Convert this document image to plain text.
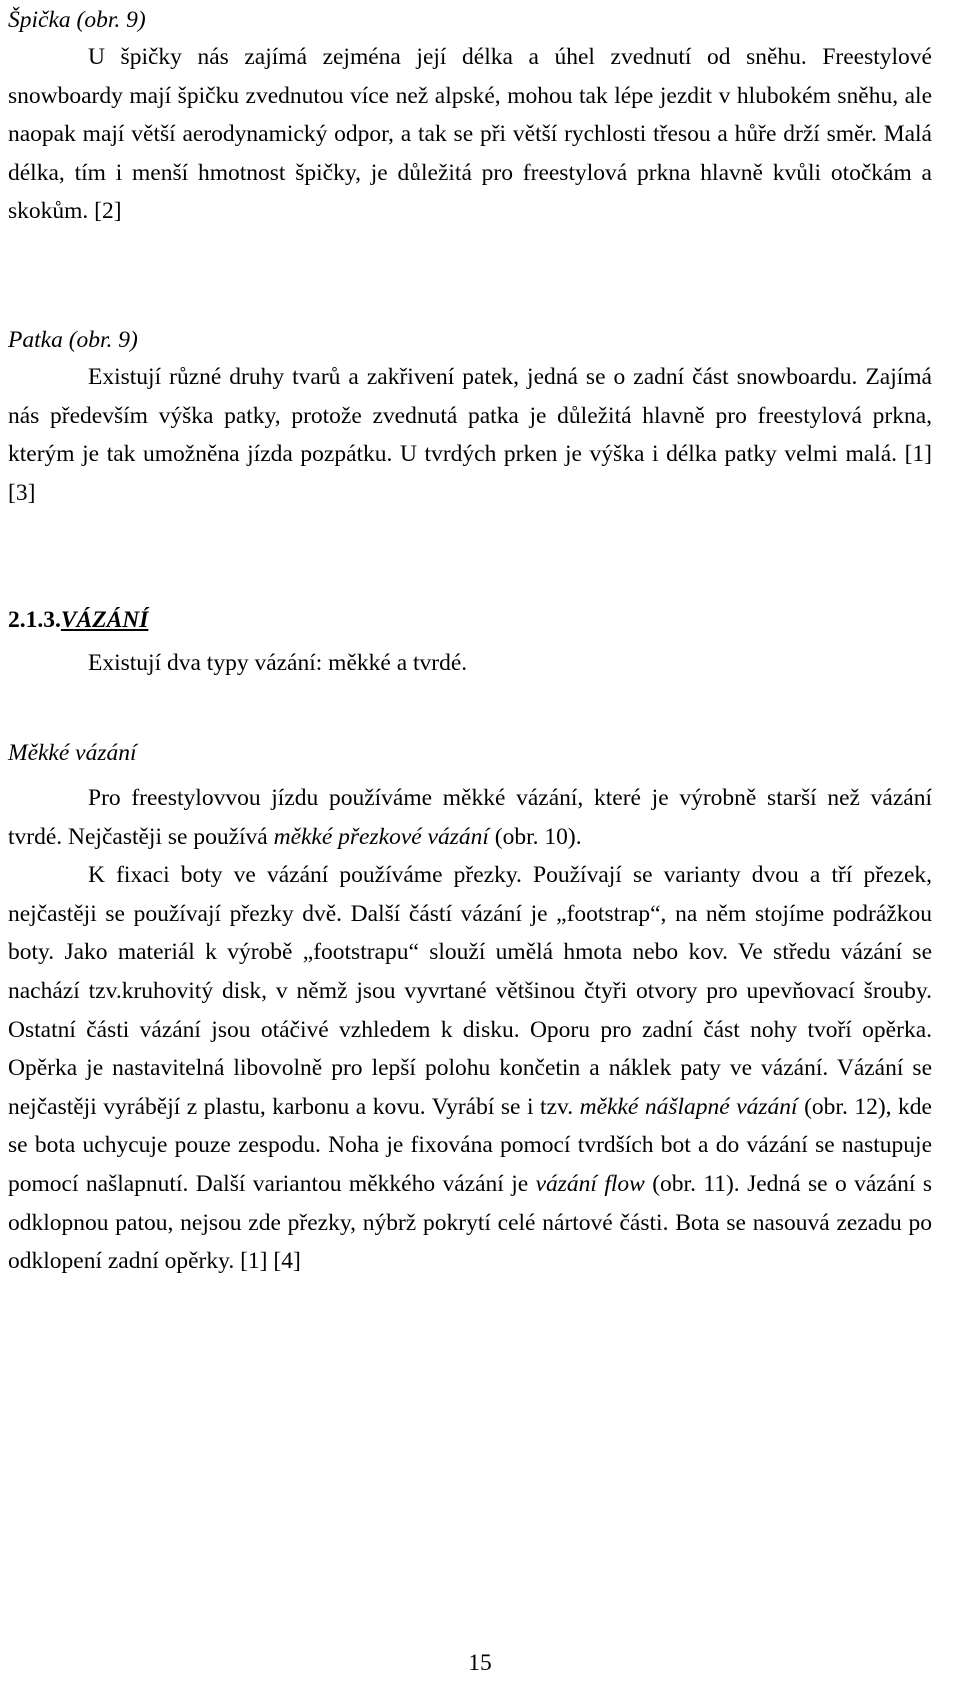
Špička (obr. 9)

U špičky nás zajímá zejména její délka a úhel zvednutí od sněhu. Freestylové snowboardy mají špičku zvednutou více než alpské, mohou tak lépe jezdit v hlubokém sněhu, ale naopak mají větší aerodynamický odpor, a tak se při větší rychlosti třesou a hůře drží směr. Malá délka, tím i menší hmotnost špičky, je důležitá pro freestylová prkna hlavně kvůli otočkám a skokům. [2]

Patka (obr. 9)

Existují různé druhy tvarů a zakřivení patek, jedná se o zadní část snowboardu. Zajímá nás především výška patky, protože zvednutá patka je důležitá hlavně pro freestylová prkna, kterým je tak umožněna jízda pozpátku. U tvrdých prken je výška i délka patky velmi malá. [1] [3]

2.1.3.VÁZÁNÍ

Existují dva typy vázání: měkké a tvrdé.

Měkké vázání

Pro freestylovvou jízdu používáme měkké vázání, které je výrobně starší než vázání tvrdé. Nejčastěji se používá měkké přezkové vázání (obr. 10).

K fixaci boty ve vázání používáme přezky. Používají se varianty dvou a tří přezek, nejčastěji se používají přezky dvě. Další částí vázání je „footstrap“, na něm stojíme podrážkou boty. Jako materiál k výrobě „footstrapu“ slouží umělá hmota nebo kov. Ve středu vázání se nachází tzv.kruhovitý disk, v němž jsou vyvrtané většinou čtyři otvory pro upevňovací šrouby. Ostatní části vázání jsou otáčivé vzhledem k disku. Oporu pro zadní část nohy tvoří opěrka. Opěrka je nastavitelná libovolně pro lepší polohu končetin a náklek paty ve vázání. Vázání se nejčastěji vyrábějí z plastu, karbonu a kovu. Vyrábí se i tzv. měkké nášlapné vázání (obr. 12), kde se bota uchycuje pouze zespodu. Noha je fixována pomocí tvrdších bot a do vázání se nastupuje pomocí našlapnutí. Další variantou měkkého vázání je vázání flow (obr. 11). Jedná se o vázání s odklopnou patou, nejsou zde přezky, nýbrž pokrytí celé nártové části. Bota se nasouvá zezadu po odklopení zadní opěrky. [1] [4]

15
